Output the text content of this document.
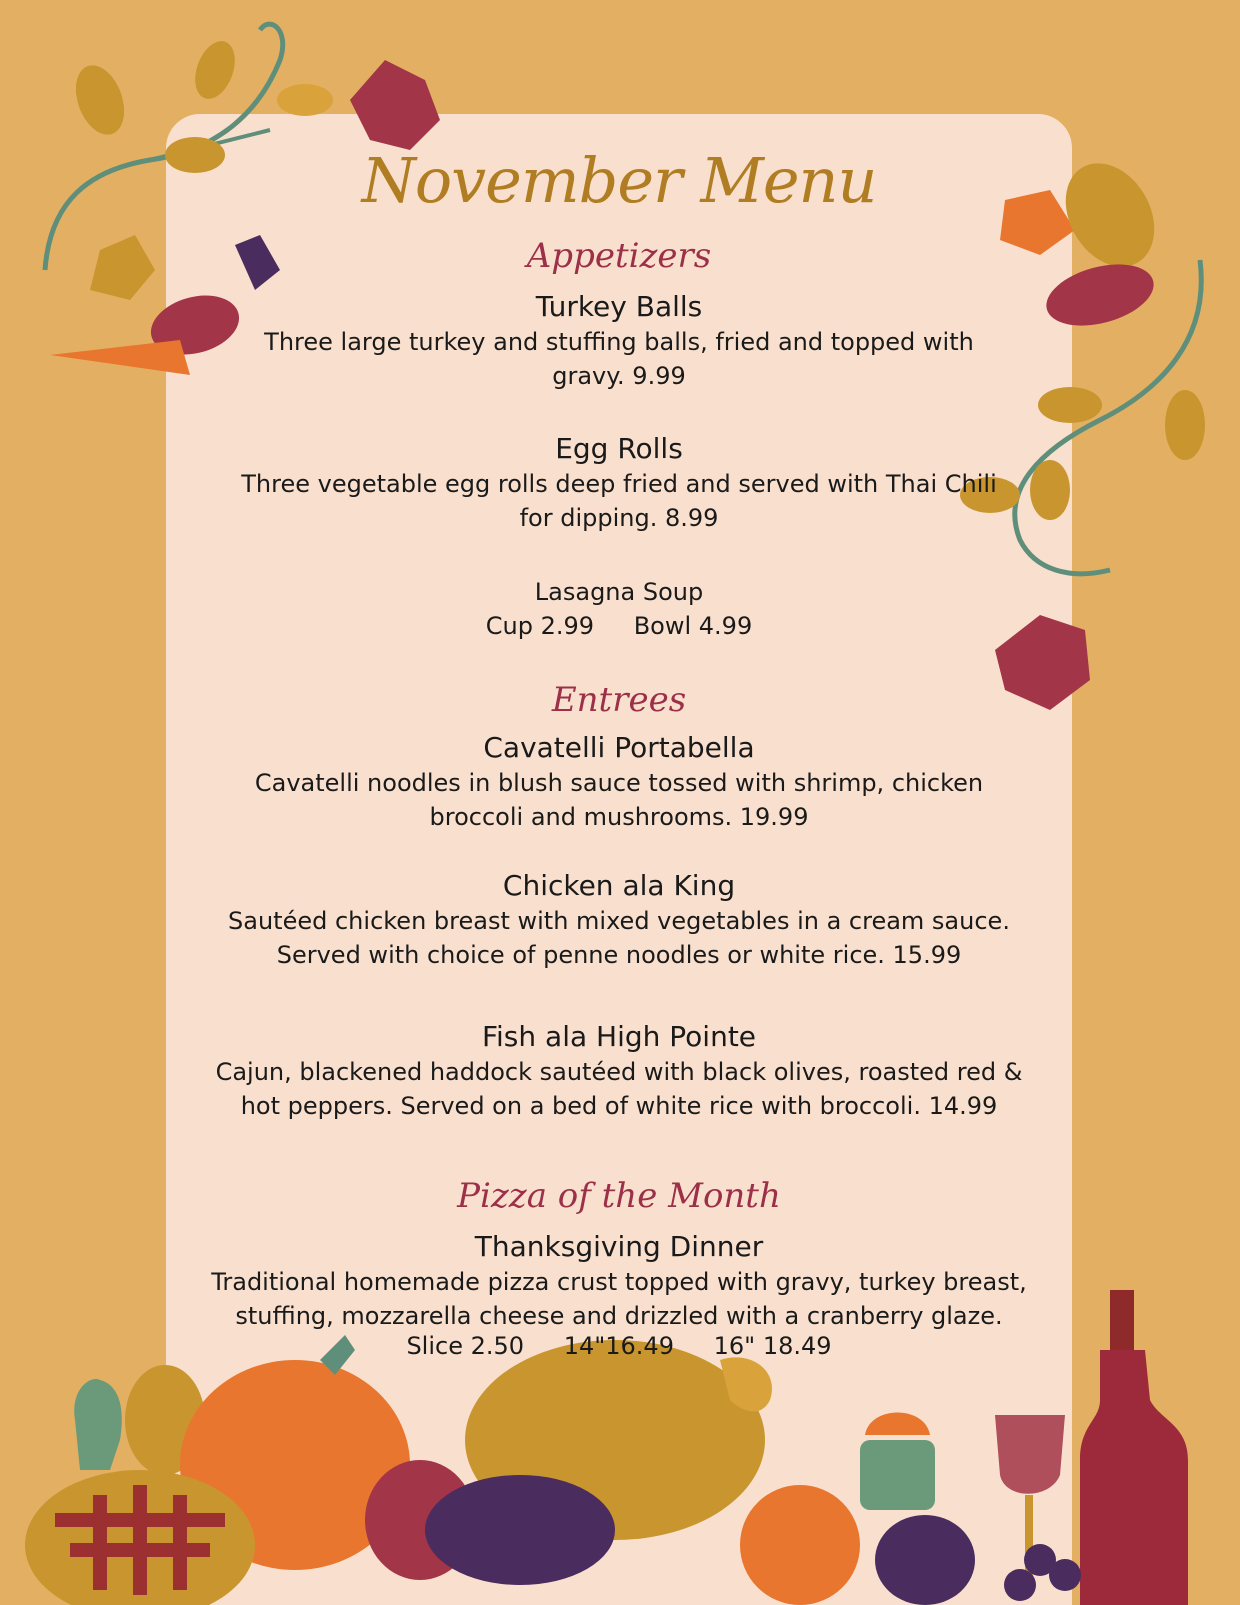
November Menu
Appetizers
Turkey Balls
Three large turkey and stuffing balls, fried and topped with
gravy. 9.99
Egg Rolls
Three vegetable egg rolls deep fried and served with Thai Chili
for dipping. 8.99
Lasagna Soup
Cup 2.99 Bowl 4.99
Entrees
Cavatelli Portabella
Cavatelli noodles in blush sauce tossed with shrimp, chicken
broccoli and mushrooms. 19.99
Chicken ala King
Sautéed chicken breast with mixed vegetables in a cream sauce.
Served with choice of penne noodles or white rice. 15.99
Fish ala High Pointe
Cajun, blackened haddock sautéed with black olives, roasted red &
hot peppers. Served on a bed of white rice with broccoli. 14.99
Pizza of the Month
Thanksgiving Dinner
Traditional homemade pizza crust topped with gravy, turkey breast,
stuffing, mozzarella cheese and drizzled with a cranberry glaze.
Slice 2.50 14"16.49 16" 18.49
